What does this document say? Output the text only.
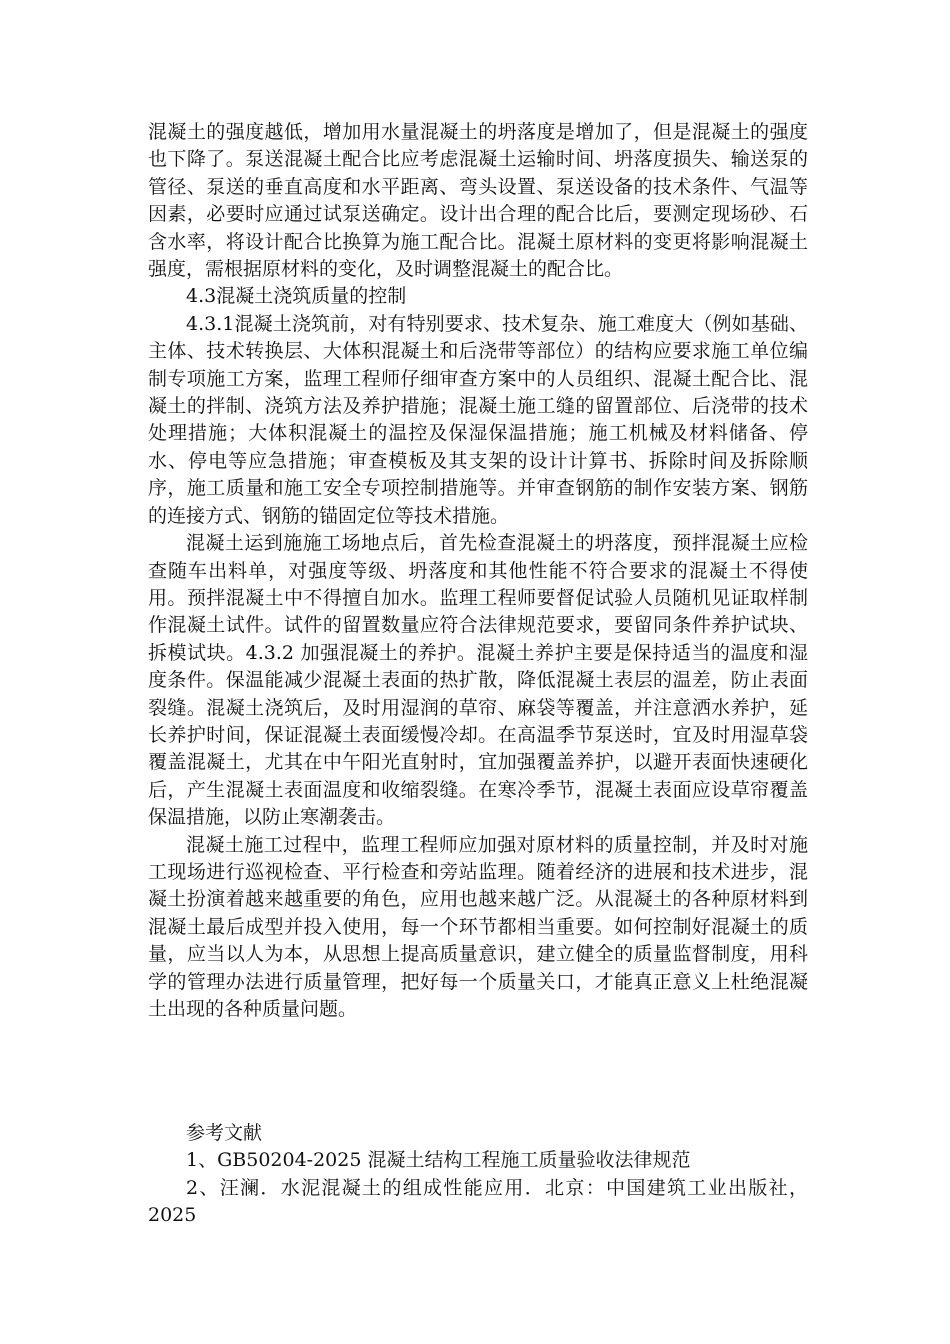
混凝土的强度越低，增加用水量混凝土的坍落度是增加了，但是混凝土的强度也下降了。泵送混凝土配合比应考虑混凝土运输时间、坍落度损失、输送泵的管径、泵送的垂直高度和水平距离、弯头设置、泵送设备的技术条件、气温等因素，必要时应通过试泵送确定。设计出合理的配合比后，要测定现场砂、石含水率，将设计配合比换算为施工配合比。混凝土原材料的变更将影响混凝土强度，需根据原材料的变化，及时调整混凝土的配合比。

4.3混凝土浇筑质量的控制

4.3.1混凝土浇筑前，对有特别要求、技术复杂、施工难度大（例如基础、主体、技术转换层、大体积混凝土和后浇带等部位）的结构应要求施工单位编制专项施工方案，监理工程师仔细审查方案中的人员组织、混凝土配合比、混凝土的拌制、浇筑方法及养护措施；混凝土施工缝的留置部位、后浇带的技术处理措施；大体积混凝土的温控及保湿保温措施；施工机械及材料储备、停水、停电等应急措施；审查模板及其支架的设计计算书、拆除时间及拆除顺序，施工质量和施工安全专项控制措施等。并审查钢筋的制作安装方案、钢筋的连接方式、钢筋的锚固定位等技术措施。

混凝土运到施施工场地点后，首先检查混凝土的坍落度，预拌混凝土应检查随车出料单，对强度等级、坍落度和其他性能不符合要求的混凝土不得使用。预拌混凝土中不得擅自加水。监理工程师要督促试验人员随机见证取样制作混凝土试件。试件的留置数量应符合法律规范要求，要留同条件养护试块、拆模试块。4.3.2 加强混凝土的养护。混凝土养护主要是保持适当的温度和湿度条件。保温能减少混凝土表面的热扩散，降低混凝土表层的温差，防止表面裂缝。混凝土浇筑后，及时用湿润的草帘、麻袋等覆盖，并注意洒水养护，延长养护时间，保证混凝土表面缓慢冷却。在高温季节泵送时，宜及时用湿草袋覆盖混凝土，尤其在中午阳光直射时，宜加强覆盖养护，以避开表面快速硬化后，产生混凝土表面温度和收缩裂缝。在寒冷季节，混凝土表面应设草帘覆盖保温措施，以防止寒潮袭击。

混凝土施工过程中，监理工程师应加强对原材料的质量控制，并及时对施工现场进行巡视检查、平行检查和旁站监理。随着经济的进展和技术进步，混凝土扮演着越来越重要的角色，应用也越来越广泛。从混凝土的各种原材料到混凝土最后成型并投入使用，每一个环节都相当重要。如何控制好混凝土的质量，应当以人为本，从思想上提高质量意识，建立健全的质量监督制度，用科学的管理办法进行质量管理，把好每一个质量关口，才能真正意义上杜绝混凝土出现的各种质量问题。

参考文献

1、GB50204-2025 混凝土结构工程施工质量验收法律规范

2、汪澜．水泥混凝土的组成性能应用．北京：中国建筑工业出版社，2025
